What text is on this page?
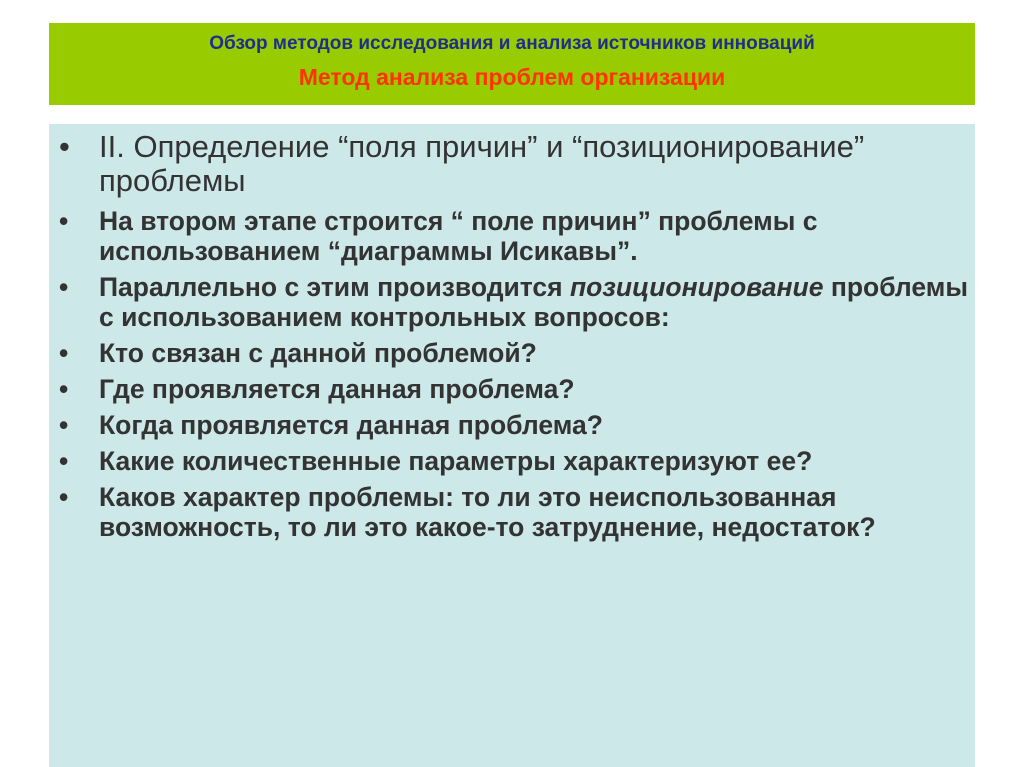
Обзор методов исследования и анализа источников инноваций
Метод анализа проблем организации
• II. Определение “поля причин” и “позиционирование” проблемы
•	На втором этапе строится “ поле причин” проблемы с использованием “диаграммы Исикавы”.
•	Параллельно с этим производится позиционирование проблемы с использованием контрольных вопросов:
•	Кто связан с данной проблемой?
•	Где проявляется данная проблема?
•	Когда проявляется данная проблема?
•	Какие количественные параметры характеризуют ее?
•	Каков характер проблемы: то ли это неиспользованная возможность, то ли это какое-то затруднение, недостаток?
